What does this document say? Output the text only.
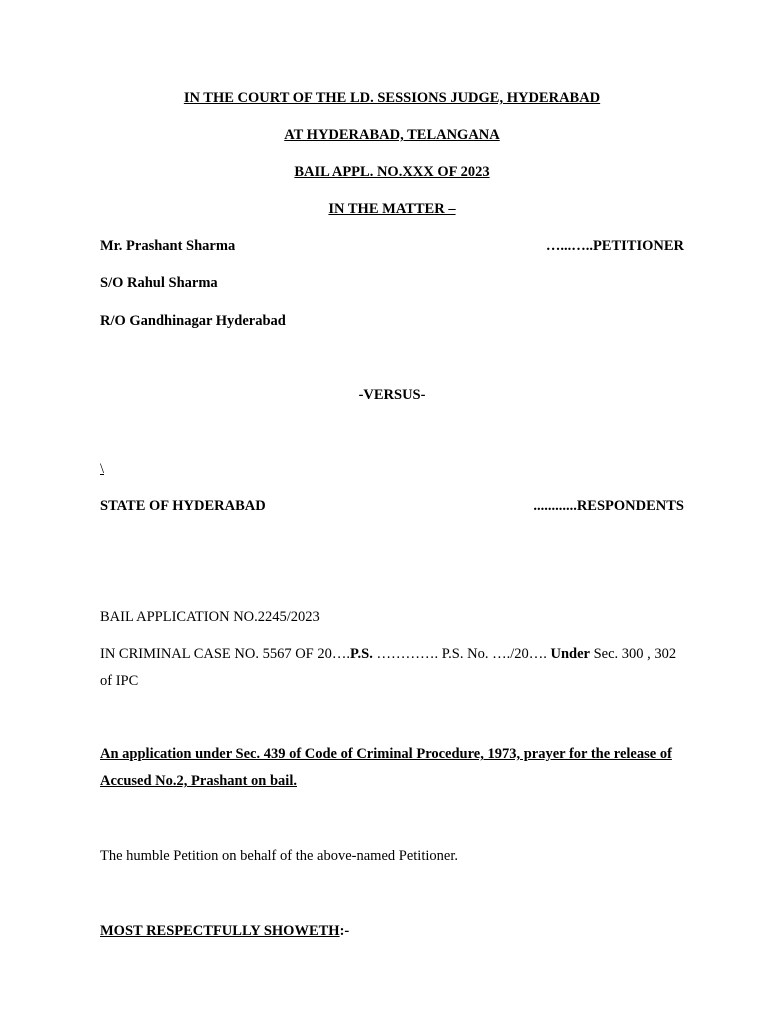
IN THE COURT OF THE LD. SESSIONS JUDGE, HYDERABAD
AT HYDERABAD, TELANGANA
BAIL APPL. NO.XXX OF 2023
IN THE MATTER –
Mr. Prashant Sharma	…...…..PETITIONER
S/O Rahul Sharma
R/O Gandhinagar Hyderabad
-VERSUS-
\
STATE OF HYDERABAD	............RESPONDENTS
BAIL APPLICATION NO.2245/2023
IN CRIMINAL CASE NO. 5567 OF 20….P.S. …………. P.S. No. …./20…. Under Sec. 300 , 302 of IPC
An application under Sec. 439 of Code of Criminal Procedure, 1973, prayer for the release of Accused No.2, Prashant on bail.
The humble Petition on behalf of the above-named Petitioner.
MOST RESPECTFULLY SHOWETH:-
